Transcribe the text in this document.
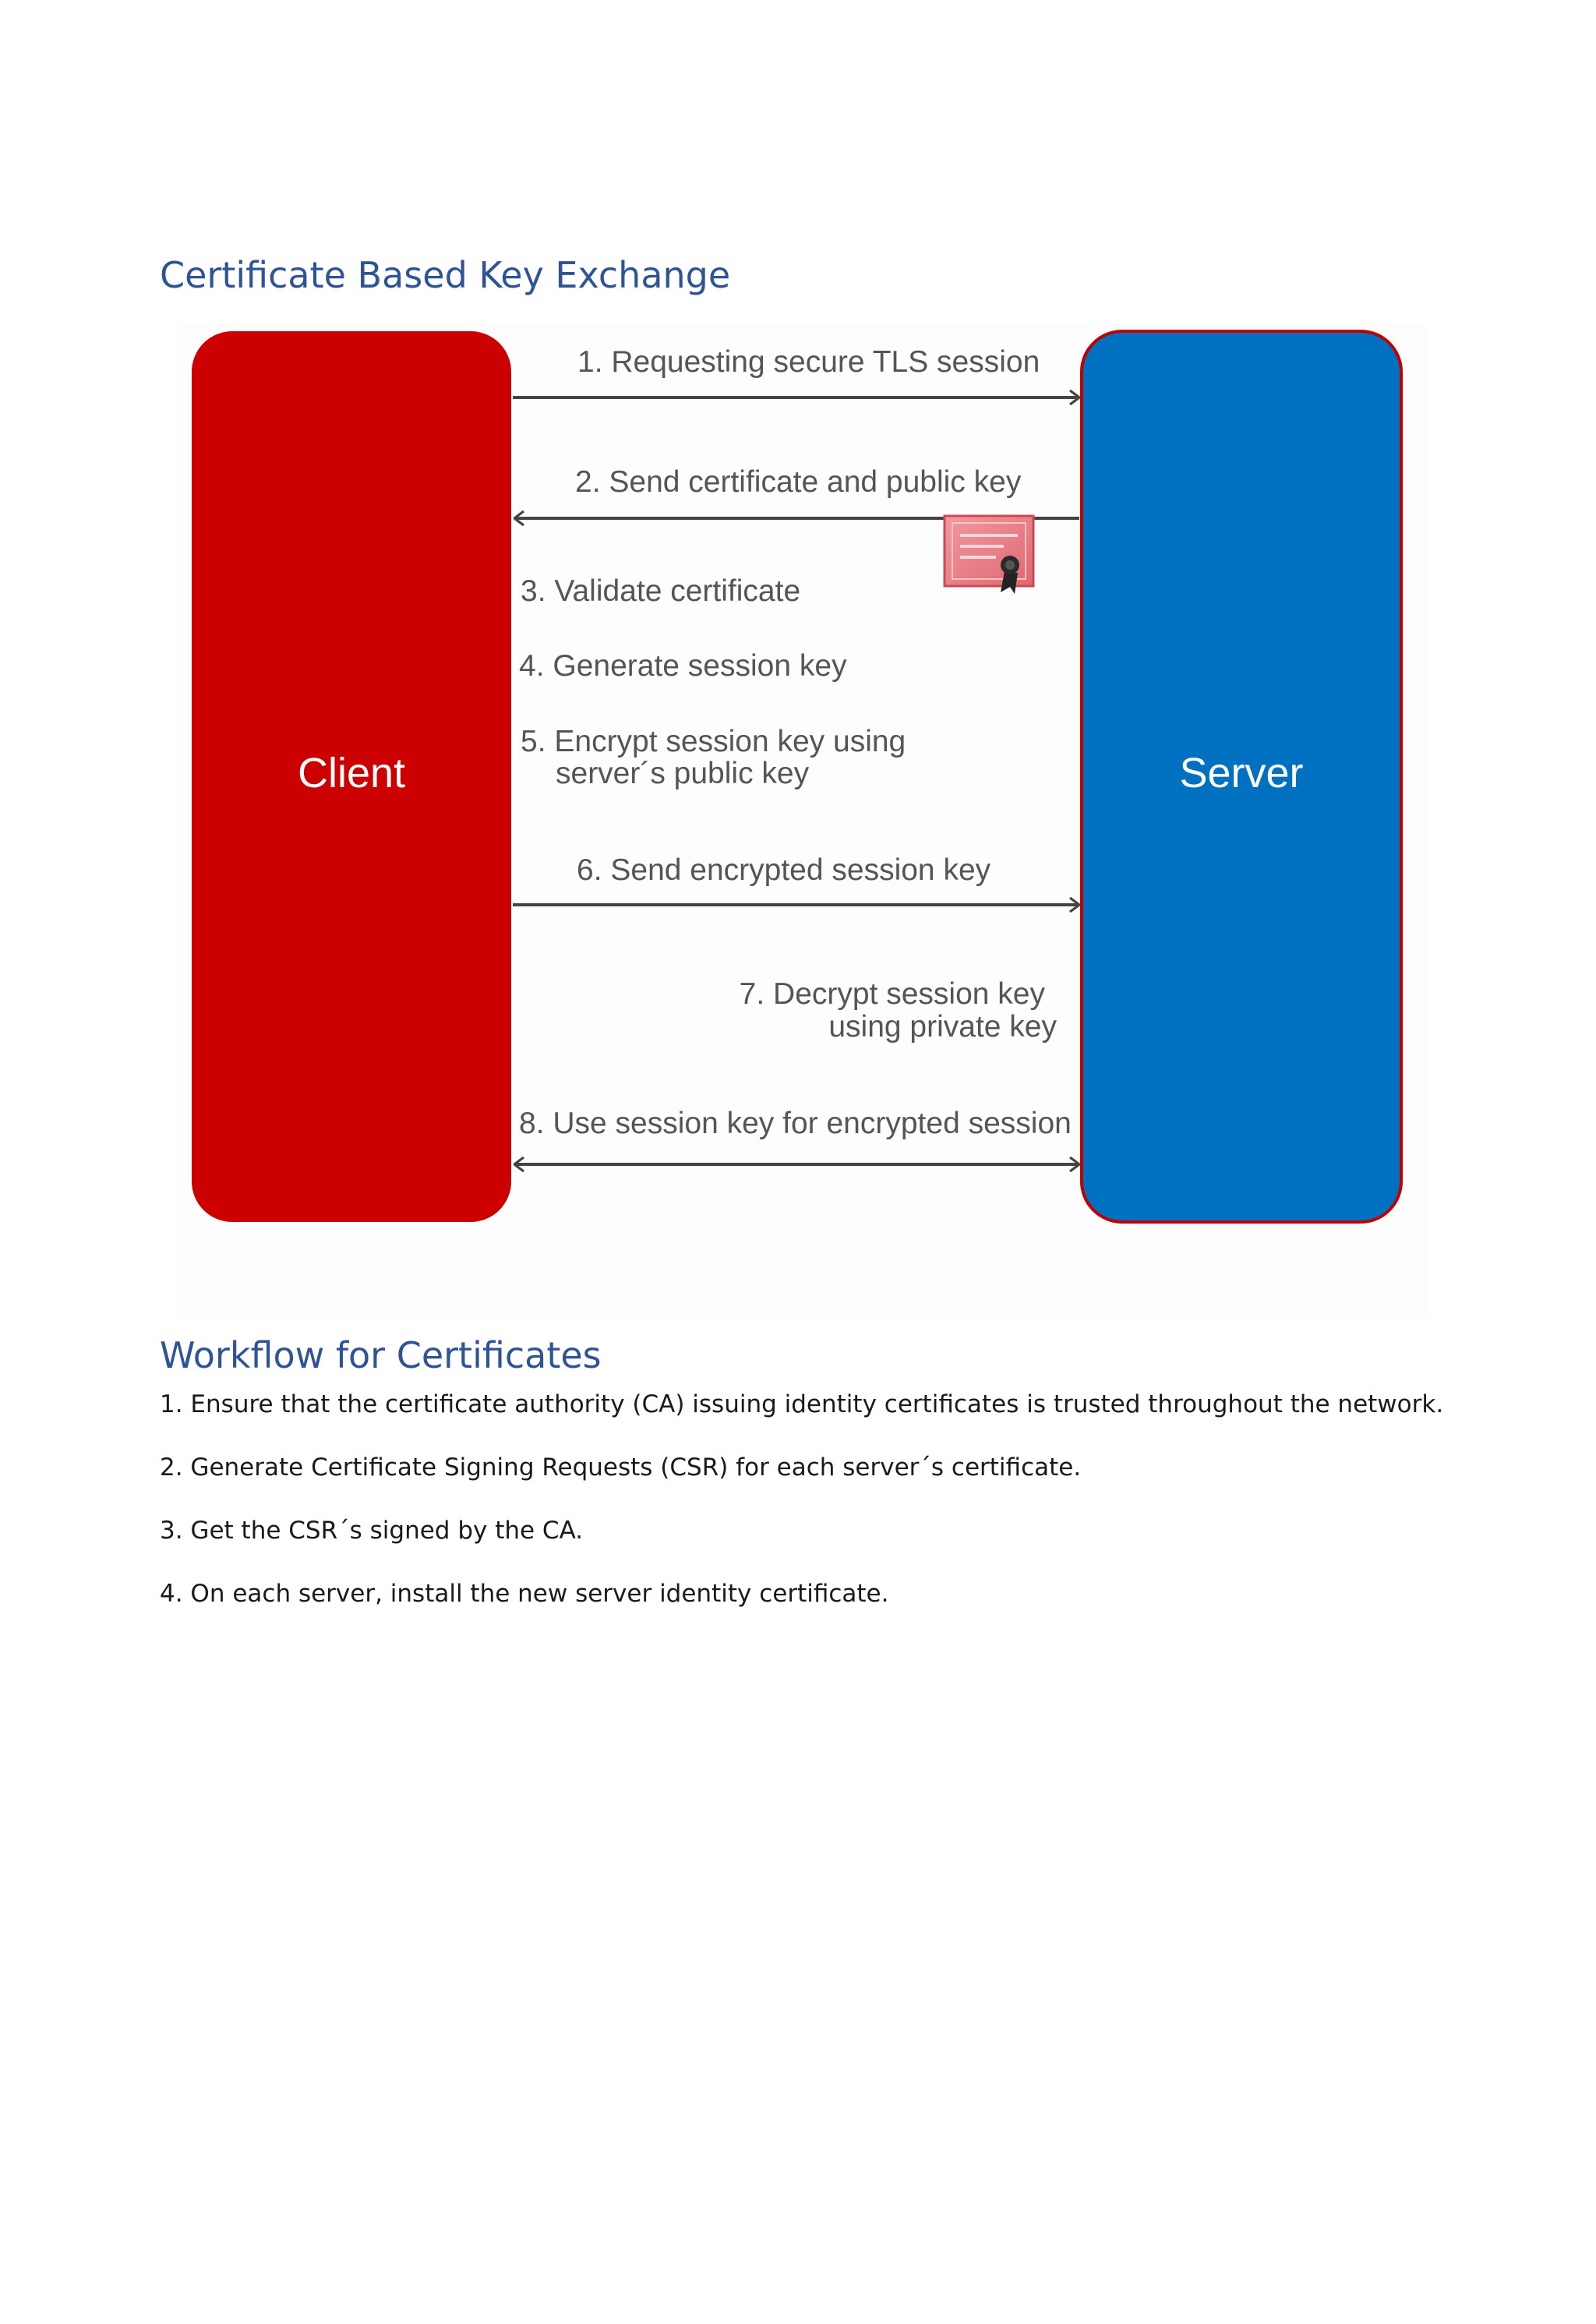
Certificate Based Key Exchange
Client	Server
1. Requesting secure TLS session
2. Send certificate and public key
3. Validate certificate
4. Generate session key
5. Encrypt session key using
server´s public key
6. Send encrypted session key
7. Decrypt session key
using private key
8. Use session key for encrypted session
Workflow for Certificates
1. Ensure that the certificate authority (CA) issuing identity certificates is trusted throughout the network.
2. Generate Certificate Signing Requests (CSR) for each server´s certificate.
3. Get the CSR´s signed by the CA.
4. On each server, install the new server identity certificate.
